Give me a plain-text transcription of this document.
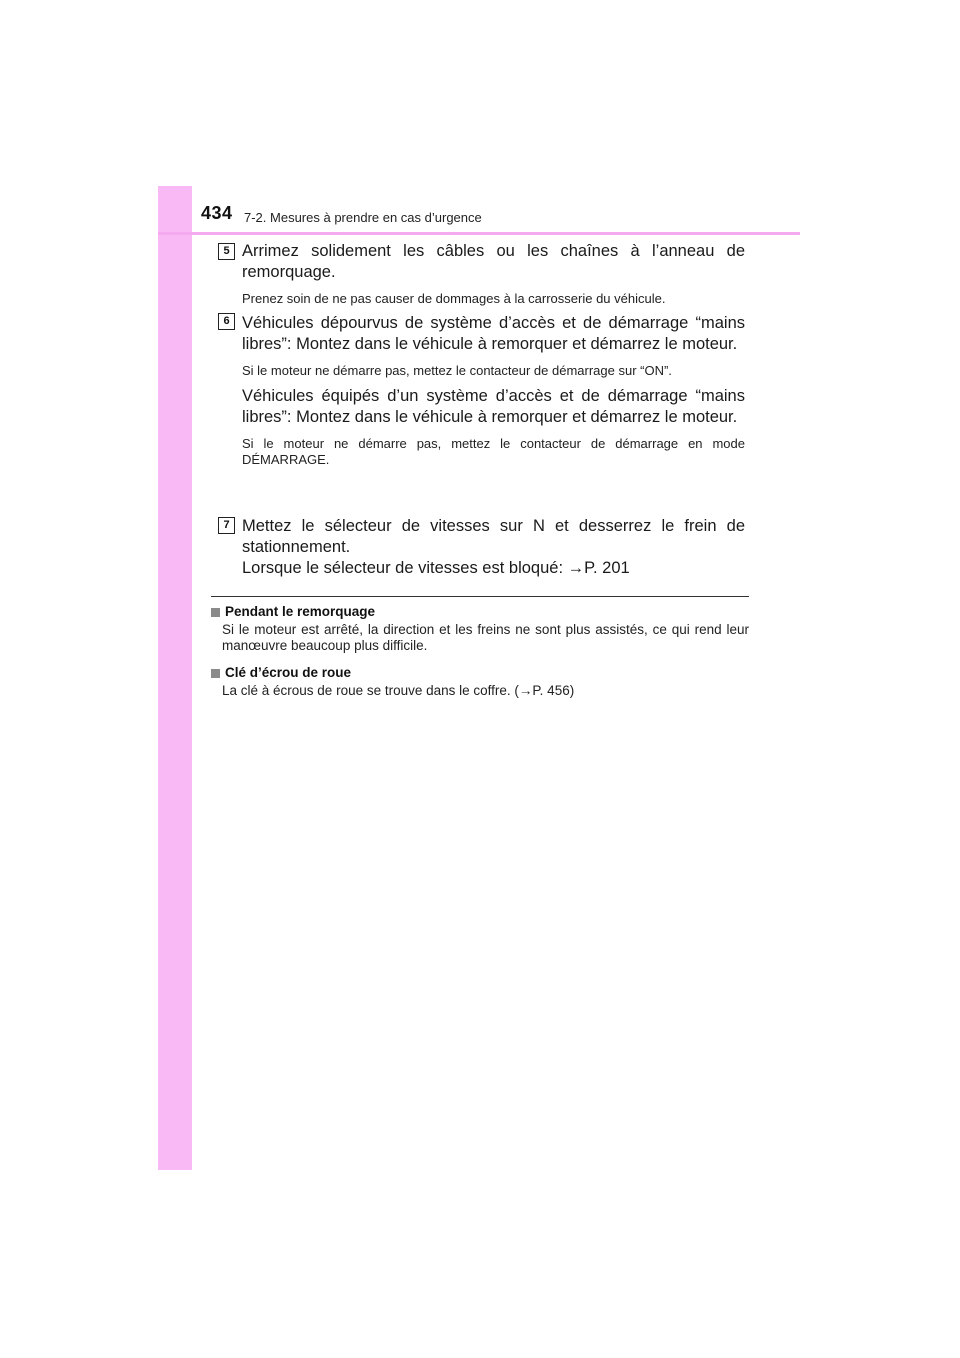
434 7-2. Mesures à prendre en cas d’urgence
5 Arrimez solidement les câbles ou les chaînes à l’anneau de remorquage.

Prenez soin de ne pas causer de dommages à la carrosserie du véhicule.

6 Véhicules dépourvus de système d’accès et de démarrage “mains libres”: Montez dans le véhicule à remorquer et démarrez le moteur.

Si le moteur ne démarre pas, mettez le contacteur de démarrage sur “ON”.

Véhicules équipés d’un système d’accès et de démarrage “mains libres”: Montez dans le véhicule à remorquer et démarrez le moteur.

Si le moteur ne démarre pas, mettez le contacteur de démarrage en mode DÉMARRAGE.

7 Mettez le sélecteur de vitesses sur N et desserrez le frein de stationnement.

Lorsque le sélecteur de vitesses est bloqué: →P. 201

Pendant le remorquage

Si le moteur est arrêté, la direction et les freins ne sont plus assistés, ce qui rend leur manœuvre beaucoup plus difficile.

Clé d’écrou de roue

La clé à écrous de roue se trouve dans le coffre. (→P. 456)
